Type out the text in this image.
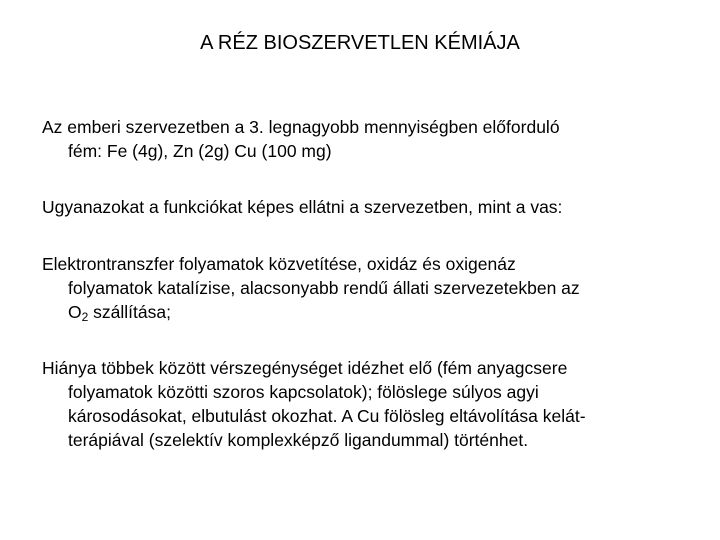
A RÉZ BIOSZERVETLEN KÉMIÁJA
Az emberi szervezetben a 3. legnagyobb mennyiségben előforduló
fém: Fe (4g), Zn (2g) Cu (100 mg)
Ugyanazokat a funkciókat képes ellátni a szervezetben, mint a vas:
Elektrontranszfer folyamatok közvetítése, oxidáz és oxigenáz
folyamatok katalízise, alacsonyabb rendű állati szervezetekben az
$O_2$ szállítása;
Hiánya többek között vérszegénységet idézhet elő (fém anyagcsere
folyamatok közötti szoros kapcsolatok); fölöslege súlyos agyi
károsodásokat, elbutulást okozhat. A Cu fölösleg eltávolítása kelát-
terápiával (szelektív komplexképző ligandummal) történhet.
